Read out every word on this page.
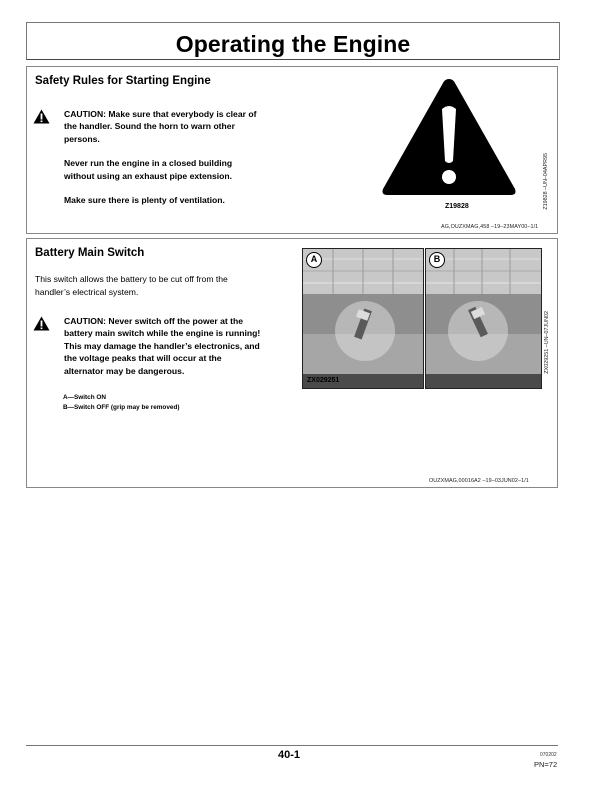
Operating the Engine
Safety Rules for Starting Engine
CAUTION: Make sure that everybody is clear of
the handler. Sound the horn to warn other
persons.
Never run the engine in a closed building
without using an exhaust pipe extension.
Make sure there is plenty of ventilation.
Z19828	Z19828 –UN–04APR95
AG,OUZXMAG,458 –19–23MAY00–1/1
Battery Main Switch
This switch allows the battery to be cut off from the
handler’s electrical system.
CAUTION: Never switch off the power at the
battery main switch while the engine is running!
This may damage the handler’s electronics, and
the voltage peaks that will occur at the
alternator may be dangerous.
A—Switch ON
B—Switch OFF (grip may be removed)
A
ZX029251
B
ZX029251 –UN–07JUN02
OUZXMAG,00016A2 –19–03JUN02–1/1
40-1	070202
PN=72
